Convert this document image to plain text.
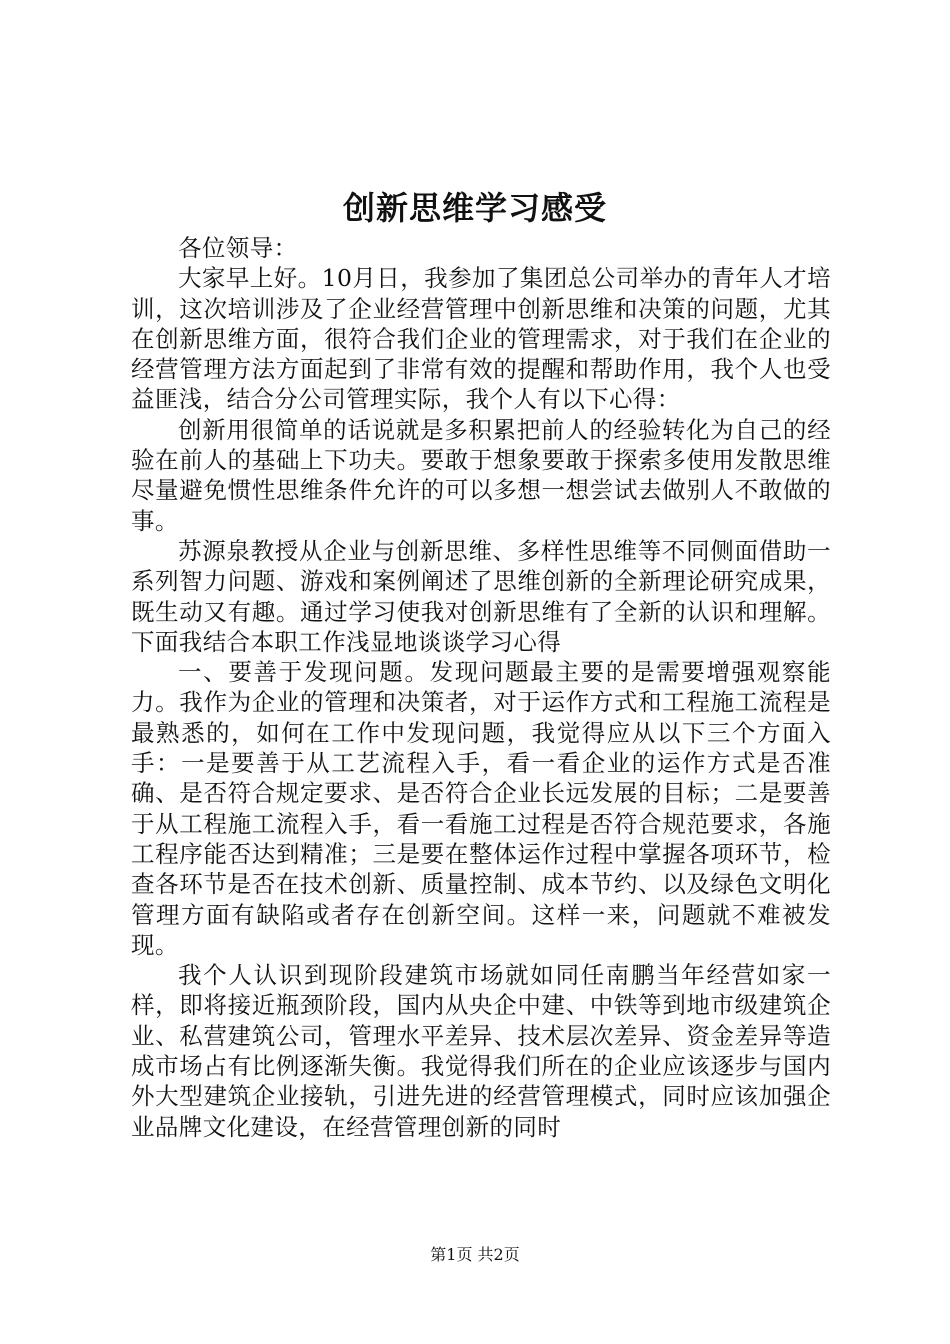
创新思维学习感受

各位领导：

大家早上好。10月日，我参加了集团总公司举办的青年人才培训，这次培训涉及了企业经营管理中创新思维和决策的问题，尤其在创新思维方面，很符合我们企业的管理需求，对于我们在企业的经营管理方法方面起到了非常有效的提醒和帮助作用，我个人也受益匪浅，结合分公司管理实际，我个人有以下心得：

创新用很简单的话说就是多积累把前人的经验转化为自己的经验在前人的基础上下功夫。要敢于想象要敢于探索多使用发散思维尽量避免惯性思维条件允许的可以多想一想尝试去做别人不敢做的事。

苏源泉教授从企业与创新思维、多样性思维等不同侧面借助一系列智力问题、游戏和案例阐述了思维创新的全新理论研究成果，既生动又有趣。通过学习使我对创新思维有了全新的认识和理解。下面我结合本职工作浅显地谈谈学习心得

一、要善于发现问题。发现问题最主要的是需要增强观察能力。我作为企业的管理和决策者，对于运作方式和工程施工流程是最熟悉的，如何在工作中发现问题，我觉得应从以下三个方面入手：一是要善于从工艺流程入手，看一看企业的运作方式是否准确、是否符合规定要求、是否符合企业长远发展的目标；二是要善于从工程施工流程入手，看一看施工过程是否符合规范要求，各施工程序能否达到精准；三是要在整体运作过程中掌握各项环节，检查各环节是否在技术创新、质量控制、成本节约、以及绿色文明化管理方面有缺陷或者存在创新空间。这样一来，问题就不难被发现。

我个人认识到现阶段建筑市场就如同任南鹏当年经营如家一样，即将接近瓶颈阶段，国内从央企中建、中铁等到地市级建筑企业、私营建筑公司，管理水平差异、技术层次差异、资金差异等造成市场占有比例逐渐失衡。我觉得我们所在的企业应该逐步与国内外大型建筑企业接轨，引进先进的经营管理模式，同时应该加强企业品牌文化建设，在经营管理创新的同时

第1页 共2页
